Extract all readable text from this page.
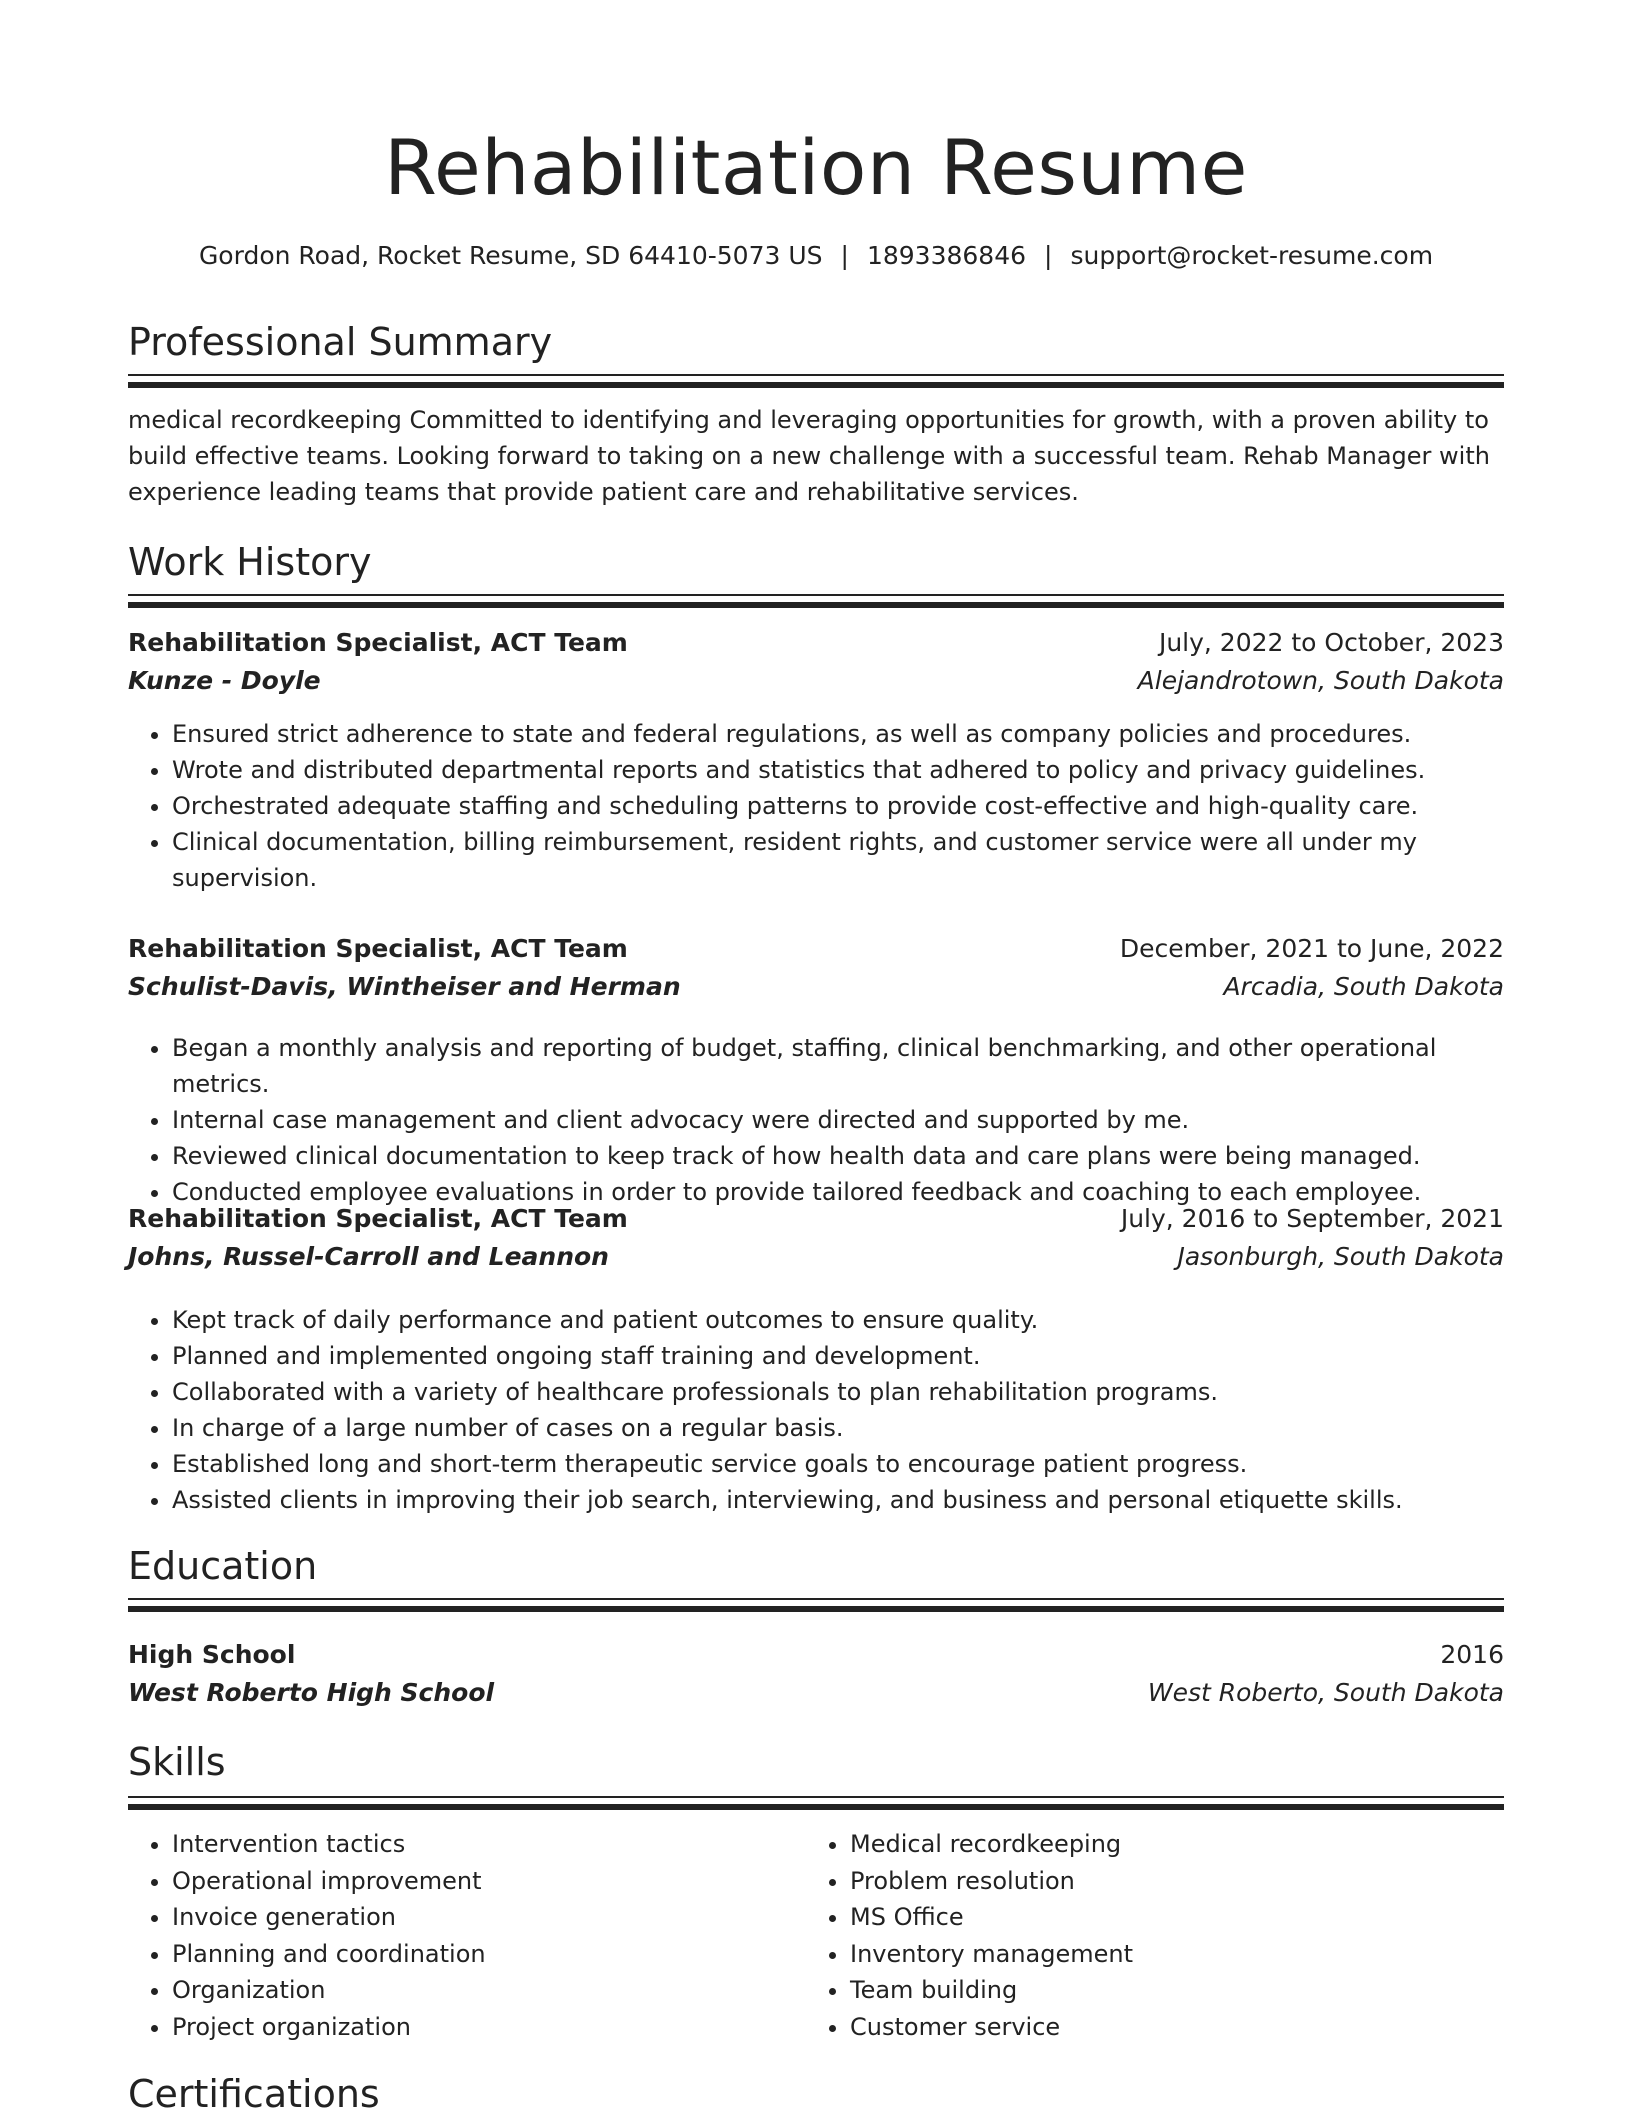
Rehabilitation Resume
Gordon Road, Rocket Resume, SD 64410-5073 US | 1893386846 | support@rocket-resume.com
Professional Summary
medical recordkeeping Committed to identifying and leveraging opportunities for growth, with a proven ability to build effective teams. Looking forward to taking on a new challenge with a successful team. Rehab Manager with experience leading teams that provide patient care and rehabilitative services.
Work History
Rehabilitation Specialist, ACT Team	July, 2022 to October, 2023
Kunze - Doyle	Alejandrotown, South Dakota
• Ensured strict adherence to state and federal regulations, as well as company policies and procedures.
• Wrote and distributed departmental reports and statistics that adhered to policy and privacy guidelines.
• Orchestrated adequate staffing and scheduling patterns to provide cost-effective and high-quality care.
• Clinical documentation, billing reimbursement, resident rights, and customer service were all under my supervision.
Rehabilitation Specialist, ACT Team	December, 2021 to June, 2022
Schulist-Davis, Wintheiser and Herman	Arcadia, South Dakota
• Began a monthly analysis and reporting of budget, staffing, clinical benchmarking, and other operational metrics.
• Internal case management and client advocacy were directed and supported by me.
• Reviewed clinical documentation to keep track of how health data and care plans were being managed.
• Conducted employee evaluations in order to provide tailored feedback and coaching to each employee.
Rehabilitation Specialist, ACT Team	July, 2016 to September, 2021
Johns, Russel-Carroll and Leannon	Jasonburgh, South Dakota
• Kept track of daily performance and patient outcomes to ensure quality.
• Planned and implemented ongoing staff training and development.
• Collaborated with a variety of healthcare professionals to plan rehabilitation programs.
• In charge of a large number of cases on a regular basis.
• Established long and short-term therapeutic service goals to encourage patient progress.
• Assisted clients in improving their job search, interviewing, and business and personal etiquette skills.
Education
High School	2016
West Roberto High School	West Roberto, South Dakota
Skills
• Intervention tactics
• Operational improvement
• Invoice generation
• Planning and coordination
• Organization
• Project organization
• Medical recordkeeping
• Problem resolution
• MS Office
• Inventory management
• Team building
• Customer service
Certifications
